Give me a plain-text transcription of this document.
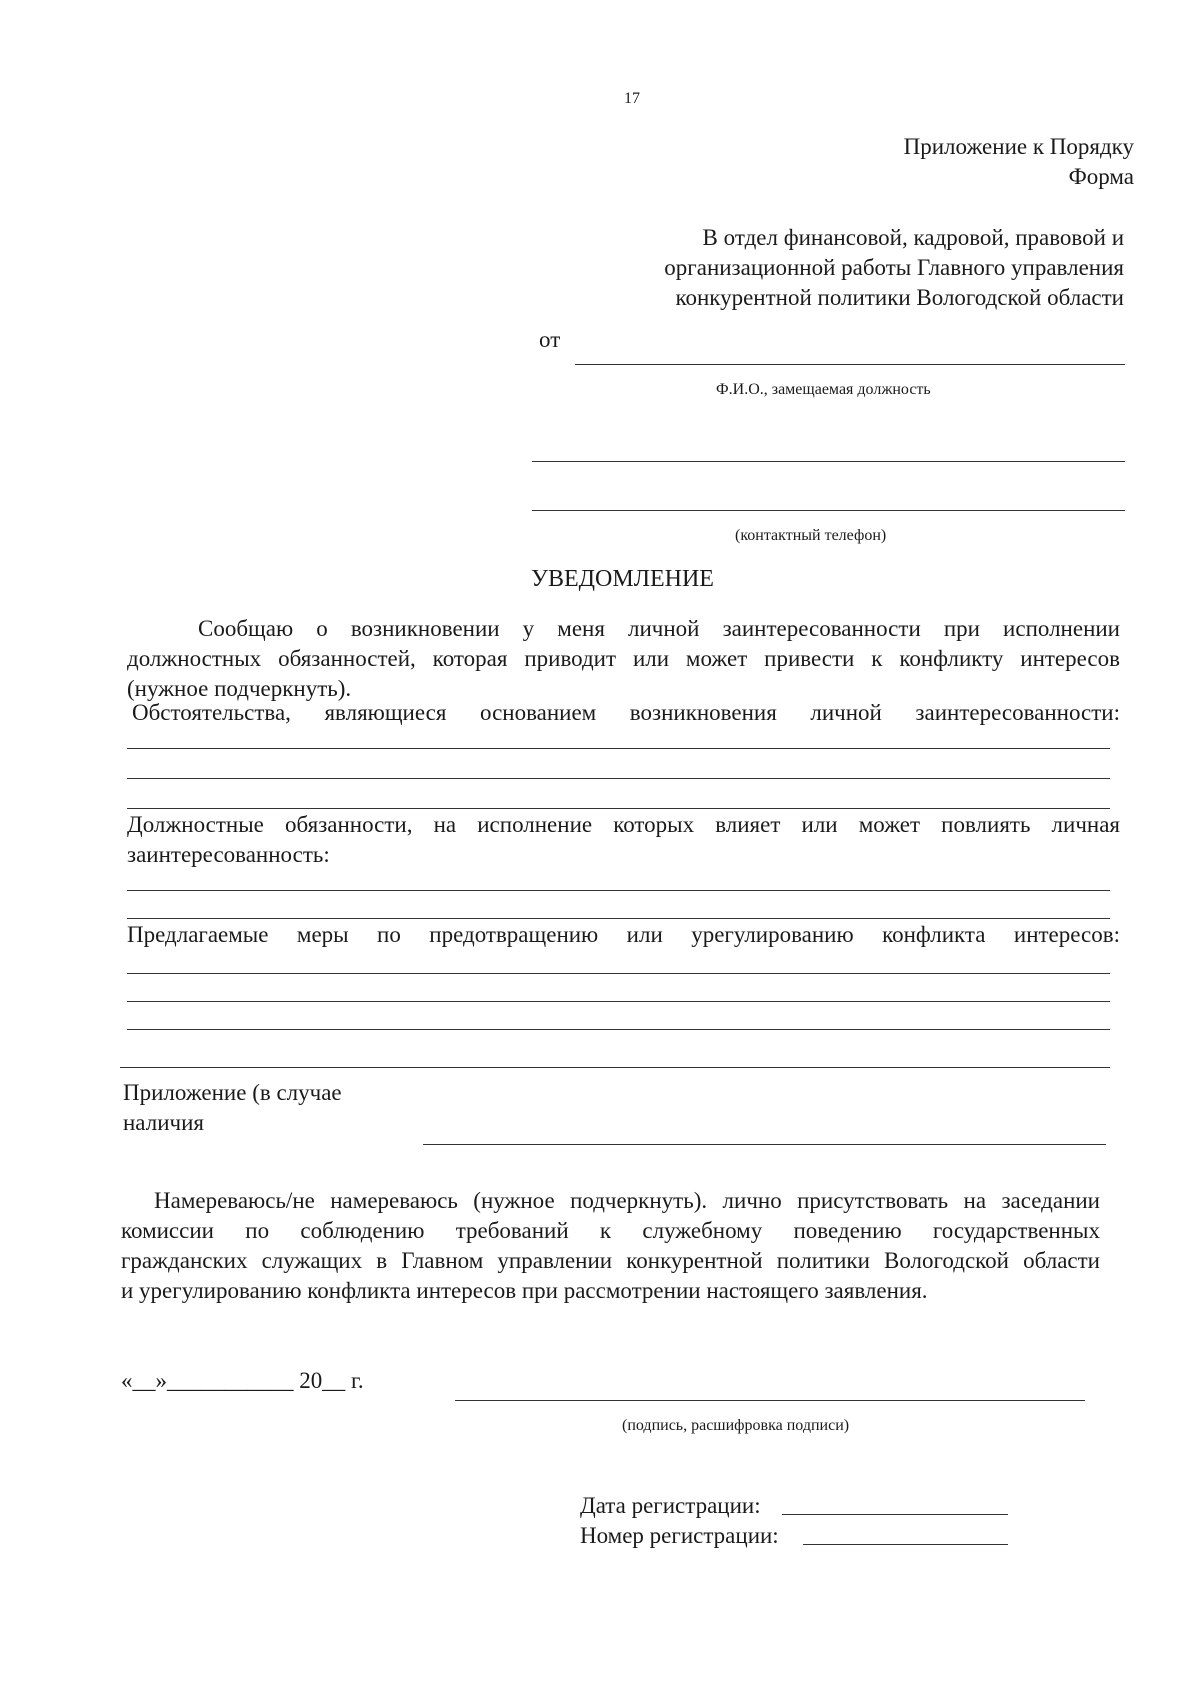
17
Приложение к Порядку
Форма
В отдел финансовой, кадровой, правовой и
организационной работы Главного управления
конкурентной политики Вологодской области
от
Ф.И.О., замещаемая должность
(контактный телефон)
УВЕДОМЛЕНИЕ
Сообщаю о возникновении у меня личной заинтересованности при исполнении
должностных обязанностей, которая приводит или может привести к конфликту интересов
(нужное подчеркнуть).
Обстоятельства, являющиеся основанием возникновения личной заинтересованности:
Должностные обязанности, на исполнение которых влияет или может повлиять личная
заинтересованность:
Предлагаемые меры по предотвращению или урегулированию конфликта интересов:
Приложение (в случае
наличия
Намереваюсь/не намереваюсь (нужное подчеркнуть). лично присутствовать на заседании
комиссии по соблюдению требований к служебному поведению государственных
гражданских служащих в Главном управлении конкурентной политики Вологодской области
и урегулированию конфликта интересов при рассмотрении настоящего заявления.
«__»___________ 20__ г.
(подпись, расшифровка подписи)
Дата регистрации:
Номер регистрации:
